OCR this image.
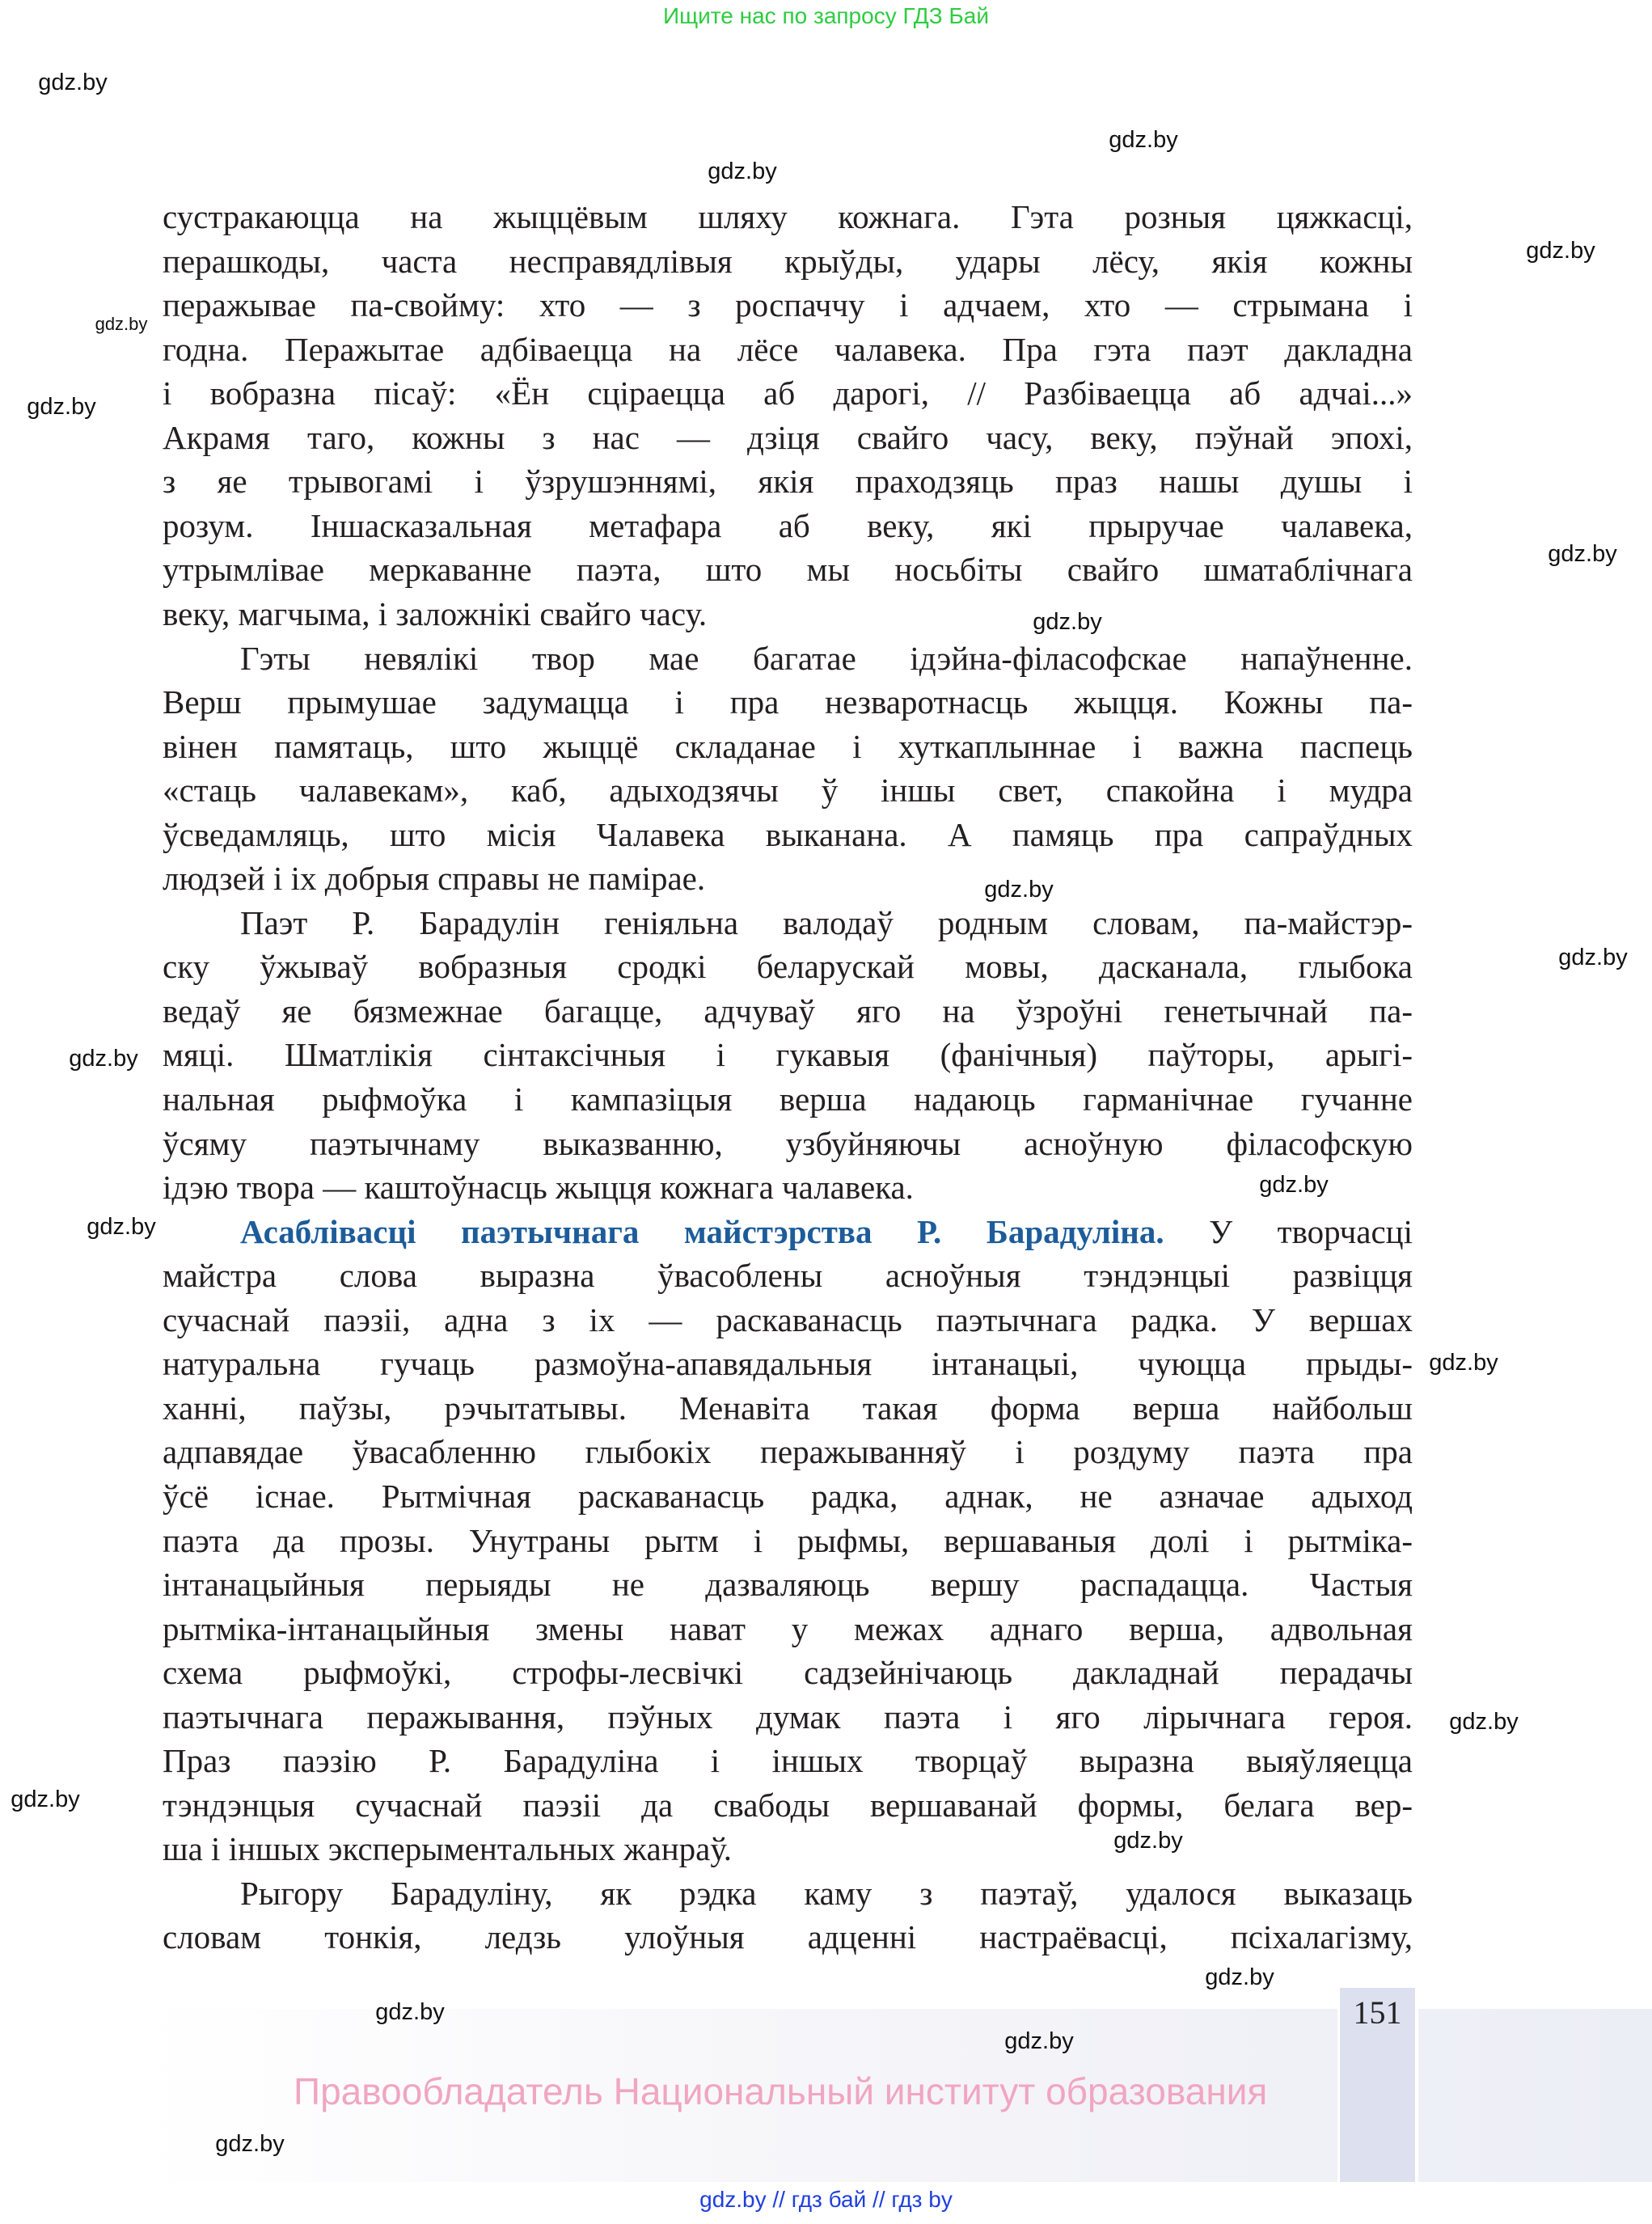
Ищите нас по запросу ГДЗ Бай
сустракаюцца на жыццёвым шляху кожнага. Гэта розныя цяжкасці,
перашкоды, часта несправядлівыя крыўды, удары лёсу, якія кожны
перажывае па-свойму: хто — з роспаччу і адчаем, хто — стрымана і
годна. Перажытае адбіваецца на лёсе чалавека. Пра гэта паэт дакладна
і вобразна пісаў: «Ён сціраецца аб дарогі, // Разбіваецца аб адчаі...»
Акрамя таго, кожны з нас — дзіця свайго часу, веку, пэўнай эпохі,
з яе трывогамі і ўзрушэннямі, якія праходзяць праз нашы душы і
розум. Іншасказальная метафара аб веку, які прыручае чалавека,
утрымлівае меркаванне паэта, што мы носьбіты свайго шматаблічнага
веку, магчыма, і заложнікі свайго часу.
Гэты невялікі твор мае багатае ідэйна-філасофскае напаўненне.
Верш прымушае задумацца і пра незваротнасць жыцця. Кожны па-
вінен памятаць, што жыццё складанае і хуткаплыннае і важна паспець
«стаць чалавекам», каб, адыходзячы ў іншы свет, спакойна і мудра
ўсведамляць, што місія Чалавека выканана. А памяць пра сапраўдных
людзей і іх добрыя справы не памірае.
Паэт Р. Барадулін геніяльна валодаў родным словам, па-майстэр-
ску ўжываў вобразныя сродкі беларускай мовы, дасканала, глыбока
ведаў яе бязмежнае багацце, адчуваў яго на ўзроўні генетычнай па-
мяці. Шматлікія сінтаксічныя і гукавыя (фанічныя) паўторы, арыгі-
нальная рыфмоўка і кампазіцыя верша надаюць гарманічнае гучанне
ўсяму паэтычнаму выказванню, узбуйняючы асноўную філасофскую
ідэю твора — каштоўнасць жыцця кожнага чалавека.
Асаблівасці паэтычнага майстэрства Р. Барадуліна. У творчасці
майстра слова выразна ўвасоблены асноўныя тэндэнцыі развіцця
сучаснай паэзіі, адна з іх — раскаванасць паэтычнага радка. У вершах
натуральна гучаць размоўна-апавядальныя інтанацыі, чуюцца прыды-
ханні, паўзы, рэчытатывы. Менавіта такая форма верша найбольш
адпавядае ўвасабленню глыбокіх перажыванняў і роздуму паэта пра
ўсё існае. Рытмічная раскаванасць радка, аднак, не азначае адыход
паэта да прозы. Унутраны рытм і рыфмы, вершаваныя долі і рытміка-
інтанацыйныя перыяды не дазваляюць вершу распадацца. Частыя
рытміка-інтанацыйныя змены нават у межах аднаго верша, адвольная
схема рыфмоўкі, строфы-лесвічкі садзейнічаюць дакладнай перадачы
паэтычнага перажывання, пэўных думак паэта і яго лірычнага героя.
Праз паэзію Р. Барадуліна і іншых творцаў выразна выяўляецца
тэндэнцыя сучаснай паэзіі да свабоды вершаванай формы, белага вер-
ша і іншых эксперыментальных жанраў.
Рыгору Барадуліну, як рэдка каму з паэтаў, удалося выказаць
словам тонкія, ледзь улоўныя адценні настраёвасці, псіхалагізму,
gdz.by
gdz.by
gdz.by
gdz.by
gdz.by
gdz.by
gdz.by
gdz.by
gdz.by
gdz.by
gdz.by
gdz.by
gdz.by
gdz.by
gdz.by
gdz.by
gdz.by
151
Правообладатель Национальный институт образования
gdz.by
gdz.by
gdz.by
gdz.by
gdz.by // гдз бай // гдз by
